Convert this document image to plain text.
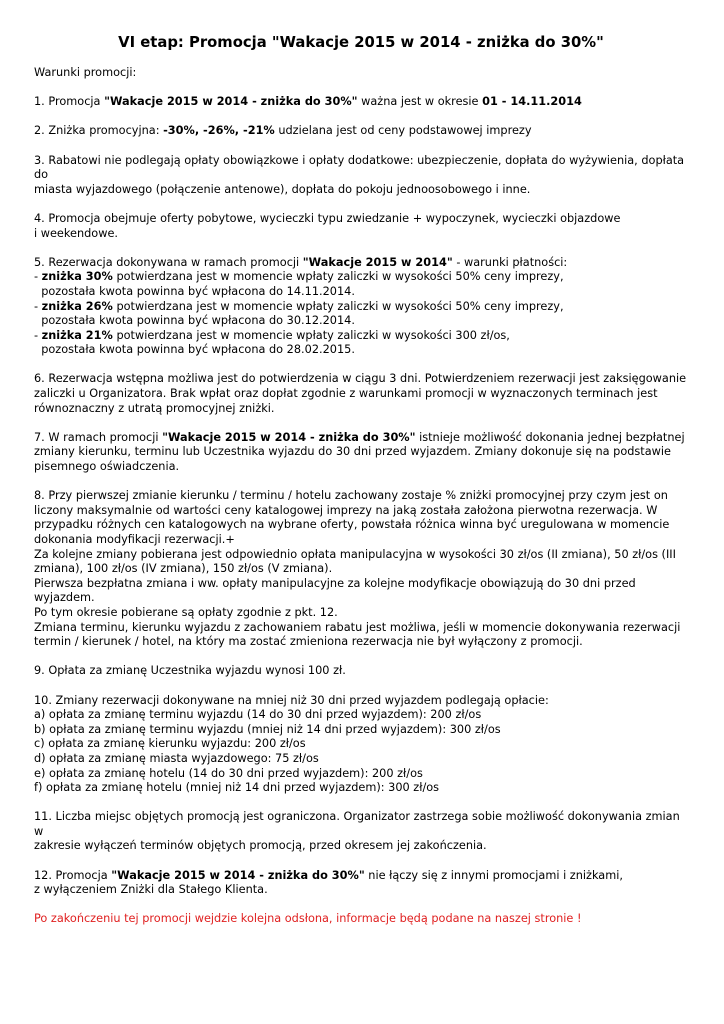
VI etap: Promocja "Wakacje 2015 w 2014 - zniżka do 30%"

Warunki promocji:

1. Promocja "Wakacje 2015 w 2014 - zniżka do 30%" ważna jest w okresie 01 - 14.11.2014

2. Zniżka promocyjna: -30%, -26%, -21% udzielana jest od ceny podstawowej imprezy

3. Rabatowi nie podlegają opłaty obowiązkowe i opłaty dodatkowe: ubezpieczenie, dopłata do wyżywienia, dopłata do
miasta wyjazdowego (połączenie antenowe), dopłata do pokoju jednoosobowego i inne.

4. Promocja obejmuje oferty pobytowe, wycieczki typu zwiedzanie + wypoczynek, wycieczki objazdowe
i weekendowe.

5. Rezerwacja dokonywana w ramach promocji "Wakacje 2015 w 2014" - warunki płatności:
- zniżka 30% potwierdzana jest w momencie wpłaty zaliczki w wysokości 50% ceny imprezy,
pozostała kwota powinna być wpłacona do 14.11.2014.
- zniżka 26% potwierdzana jest w momencie wpłaty zaliczki w wysokości 50% ceny imprezy,
pozostała kwota powinna być wpłacona do 30.12.2014.
- zniżka 21% potwierdzana jest w momencie wpłaty zaliczki w wysokości 300 zł/os,
pozostała kwota powinna być wpłacona do 28.02.2015.

6. Rezerwacja wstępna możliwa jest do potwierdzenia w ciągu 3 dni. Potwierdzeniem rezerwacji jest zaksięgowanie
zaliczki u Organizatora. Brak wpłat oraz dopłat zgodnie z warunkami promocji w wyznaczonych terminach jest
równoznaczny z utratą promocyjnej zniżki.

7. W ramach promocji "Wakacje 2015 w 2014 - zniżka do 30%" istnieje możliwość dokonania jednej bezpłatnej
zmiany kierunku, terminu lub Uczestnika wyjazdu do 30 dni przed wyjazdem. Zmiany dokonuje się na podstawie
pisemnego oświadczenia.

8. Przy pierwszej zmianie kierunku / terminu / hotelu zachowany zostaje % zniżki promocyjnej przy czym jest on
liczony maksymalnie od wartości ceny katalogowej imprezy na jaką została założona pierwotna rezerwacja. W
przypadku różnych cen katalogowych na wybrane oferty, powstała różnica winna być uregulowana w momencie
dokonania modyfikacji rezerwacji.+
Za kolejne zmiany pobierana jest odpowiednio opłata manipulacyjna w wysokości 30 zł/os (II zmiana), 50 zł/os (III
zmiana), 100 zł/os (IV zmiana), 150 zł/os (V zmiana).
Pierwsza bezpłatna zmiana i ww. opłaty manipulacyjne za kolejne modyfikacje obowiązują do 30 dni przed wyjazdem.
Po tym okresie pobierane są opłaty zgodnie z pkt. 12.
Zmiana terminu, kierunku wyjazdu z zachowaniem rabatu jest możliwa, jeśli w momencie dokonywania rezerwacji
termin / kierunek / hotel, na który ma zostać zmieniona rezerwacja nie był wyłączony z promocji.

9. Opłata za zmianę Uczestnika wyjazdu wynosi 100 zł.

10. Zmiany rezerwacji dokonywane na mniej niż 30 dni przed wyjazdem podlegają opłacie:
a) opłata za zmianę terminu wyjazdu (14 do 30 dni przed wyjazdem): 200 zł/os
b) opłata za zmianę terminu wyjazdu (mniej niż 14 dni przed wyjazdem): 300 zł/os
c) opłata za zmianę kierunku wyjazdu: 200 zł/os
d) opłata za zmianę miasta wyjazdowego: 75 zł/os
e) opłata za zmianę hotelu (14 do 30 dni przed wyjazdem): 200 zł/os
f) opłata za zmianę hotelu (mniej niż 14 dni przed wyjazdem): 300 zł/os

11. Liczba miejsc objętych promocją jest ograniczona. Organizator zastrzega sobie możliwość dokonywania zmian w
zakresie wyłączeń terminów objętych promocją, przed okresem jej zakończenia.

12. Promocja "Wakacje 2015 w 2014 - zniżka do 30%" nie łączy się z innymi promocjami i zniżkami,
z wyłączeniem Zniżki dla Stałego Klienta.

Po zakończeniu tej promocji wejdzie kolejna odsłona, informacje będą podane na naszej stronie !
